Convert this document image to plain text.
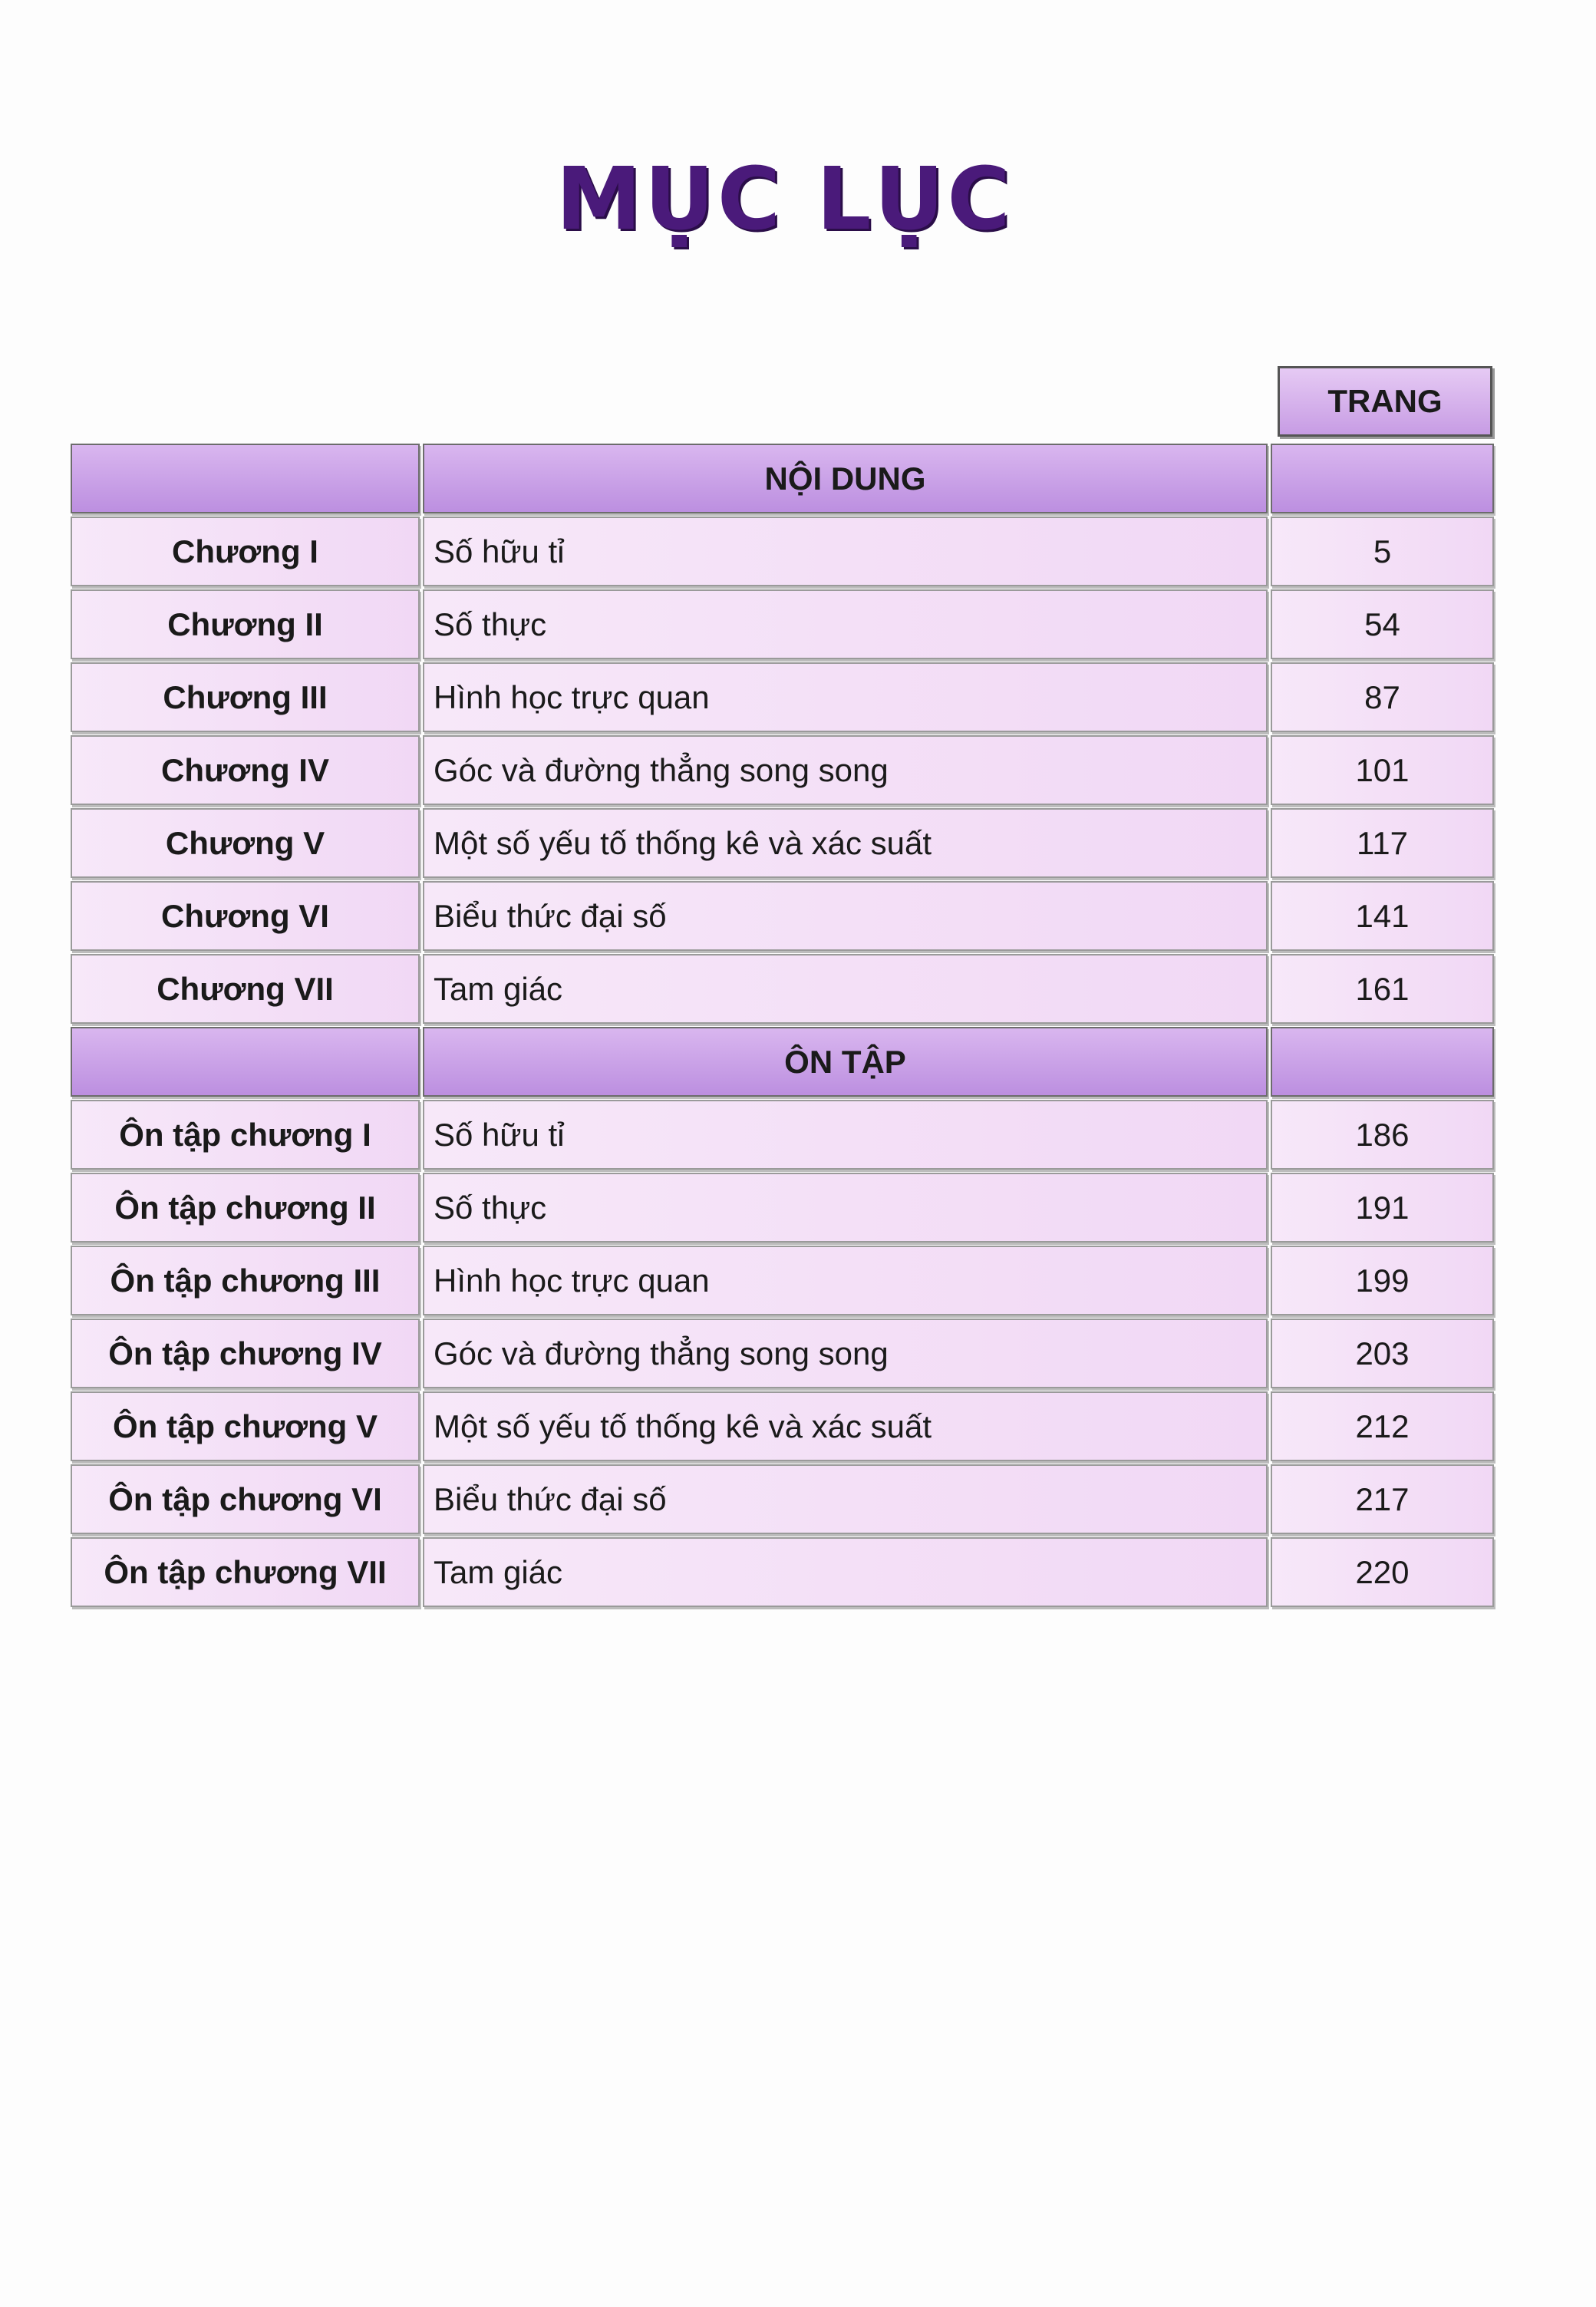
MỤC LỤC
TRANG
NỘI DUNG
Chương I	Số hữu tỉ	5
Chương II	Số thực	54
Chương III	Hình học trực quan	87
Chương IV	Góc và đường thẳng song song	101
Chương V	Một số yếu tố thống kê và xác suất	117
Chương VI	Biểu thức đại số	141
Chương VII	Tam giác	161
ÔN TẬP
Ôn tập chương I	Số hữu tỉ	186
Ôn tập chương II	Số thực	191
Ôn tập chương III	Hình học trực quan	199
Ôn tập chương IV	Góc và đường thẳng song song	203
Ôn tập chương V	Một số yếu tố thống kê và xác suất	212
Ôn tập chương VI	Biểu thức đại số	217
Ôn tập chương VII	Tam giác	220
